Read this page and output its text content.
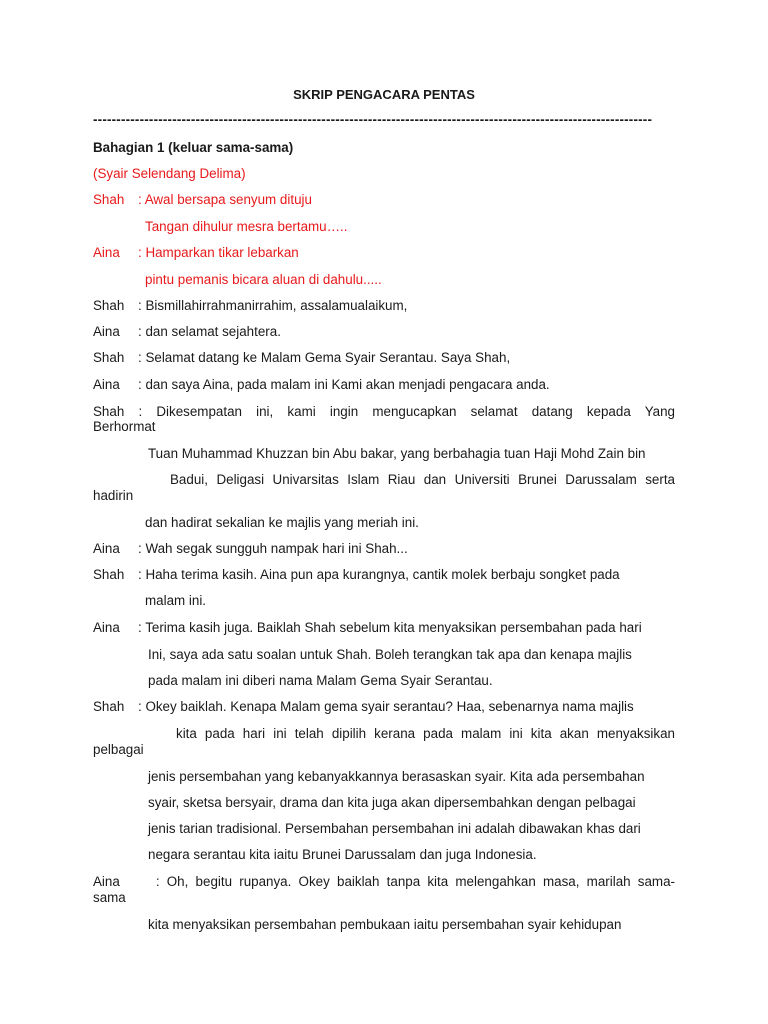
SKRIP PENGACARA PENTAS
------------------------------------------------------------------------------------------------------------------------
Bahagian 1 (keluar sama-sama)
(Syair Selendang Delima)
Shah : Awal bersapa senyum dituju
Tangan dihulur mesra bertamu…..
Aina : Hamparkan tikar lebarkan
pintu pemanis bicara aluan di dahulu.....
Shah : Bismillahirrahmanirrahim, assalamualaikum,
Aina : dan selamat sejahtera.
Shah : Selamat datang ke Malam Gema Syair Serantau. Saya Shah,
Aina : dan saya Aina, pada malam ini Kami akan menjadi pengacara anda.
Shah : Dikesempatan ini, kami ingin mengucapkan selamat datang kepada Yang
Berhormat
Tuan Muhammad Khuzzan bin Abu bakar, yang berbahagia tuan Haji Mohd Zain bin
Badui, Deligasi Univarsitas Islam Riau dan Universiti Brunei Darussalam serta
hadirin
dan hadirat sekalian ke majlis yang meriah ini.
Aina : Wah segak sungguh nampak hari ini Shah...
Shah : Haha terima kasih. Aina pun apa kurangnya, cantik molek berbaju songket pada
malam ini.
Aina : Terima kasih juga. Baiklah Shah sebelum kita menyaksikan persembahan pada hari
Ini, saya ada satu soalan untuk Shah. Boleh terangkan tak apa dan kenapa majlis
pada malam ini diberi nama Malam Gema Syair Serantau.
Shah : Okey baiklah. Kenapa Malam gema syair serantau? Haa, sebenarnya nama majlis
kita pada hari ini telah dipilih kerana pada malam ini kita akan menyaksikan
pelbagai
jenis persembahan yang kebanyakkannya berasaskan syair. Kita ada persembahan
syair, sketsa bersyair, drama dan kita juga akan dipersembahkan dengan pelbagai
jenis tarian tradisional. Persembahan persembahan ini adalah dibawakan khas dari
negara serantau kita iaitu Brunei Darussalam dan juga Indonesia.
Aina	: Oh, begitu rupanya. Okey baiklah tanpa kita melengahkan masa, marilah sama-
sama
kita menyaksikan persembahan pembukaan iaitu persembahan syair kehidupan
